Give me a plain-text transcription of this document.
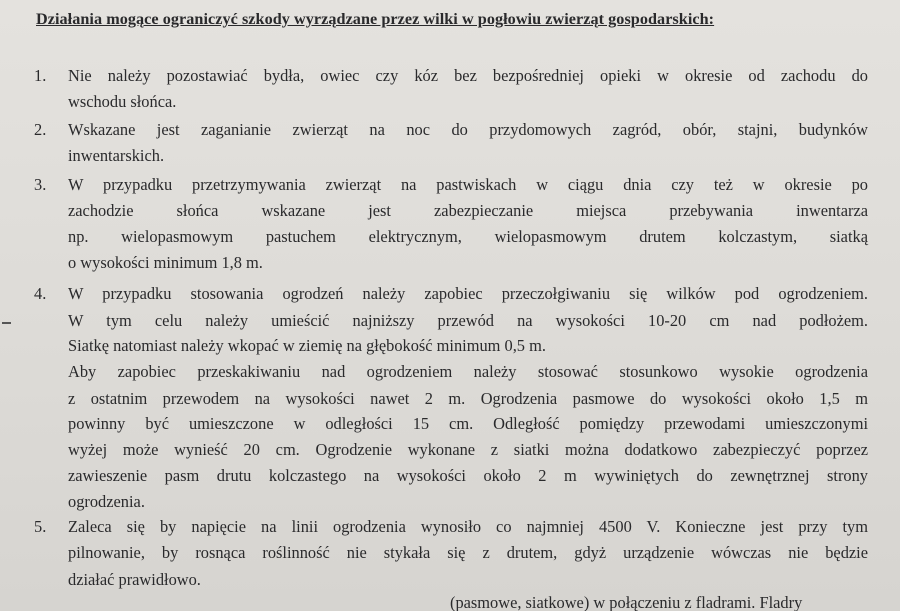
Działania mogące ograniczyć szkody wyrządzane przez wilki w pogłowiu zwierząt gospodarskich:
1. Nie należy pozostawiać bydła, owiec czy kóz bez bezpośredniej opieki w okresie od zachodu do
wschodu słońca.
2. Wskazane jest zaganianie zwierząt na noc do przydomowych zagród, obór, stajni, budynków
inwentarskich.
3. W przypadku przetrzymywania zwierząt na pastwiskach w ciągu dnia czy też w okresie po
zachodzie słońca wskazane jest zabezpieczanie miejsca przebywania inwentarza
np. wielopasmowym pastuchem elektrycznym, wielopasmowym drutem kolczastym, siatką
o wysokości minimum 1,8 m.
4. W przypadku stosowania ogrodzeń należy zapobiec przeczołgiwaniu się wilków pod ogrodzeniem.
W tym celu należy umieścić najniższy przewód na wysokości 10-20 cm nad podłożem.
Siatkę natomiast należy wkopać w ziemię na głębokość minimum 0,5 m.
Aby zapobiec przeskakiwaniu nad ogrodzeniem należy stosować stosunkowo wysokie ogrodzenia
z ostatnim przewodem na wysokości nawet 2 m. Ogrodzenia pasmowe do wysokości około 1,5 m
powinny być umieszczone w odległości 15 cm. Odległość pomiędzy przewodami umieszczonymi
wyżej może wynieść 20 cm. Ogrodzenie wykonane z siatki można dodatkowo zabezpieczyć poprzez
zawieszenie pasm drutu kolczastego na wysokości około 2 m wywiniętych do zewnętrznej strony
ogrodzenia.
5. Zaleca się by napięcie na linii ogrodzenia wynosiło co najmniej 4500 V. Konieczne jest przy tym
pilnowanie, by rosnąca roślinność nie stykała się z drutem, gdyż urządzenie wówczas nie będzie
działać prawidłowo.
(pasmowe, siatkowe) w połączeniu z fladrami. Fladry
